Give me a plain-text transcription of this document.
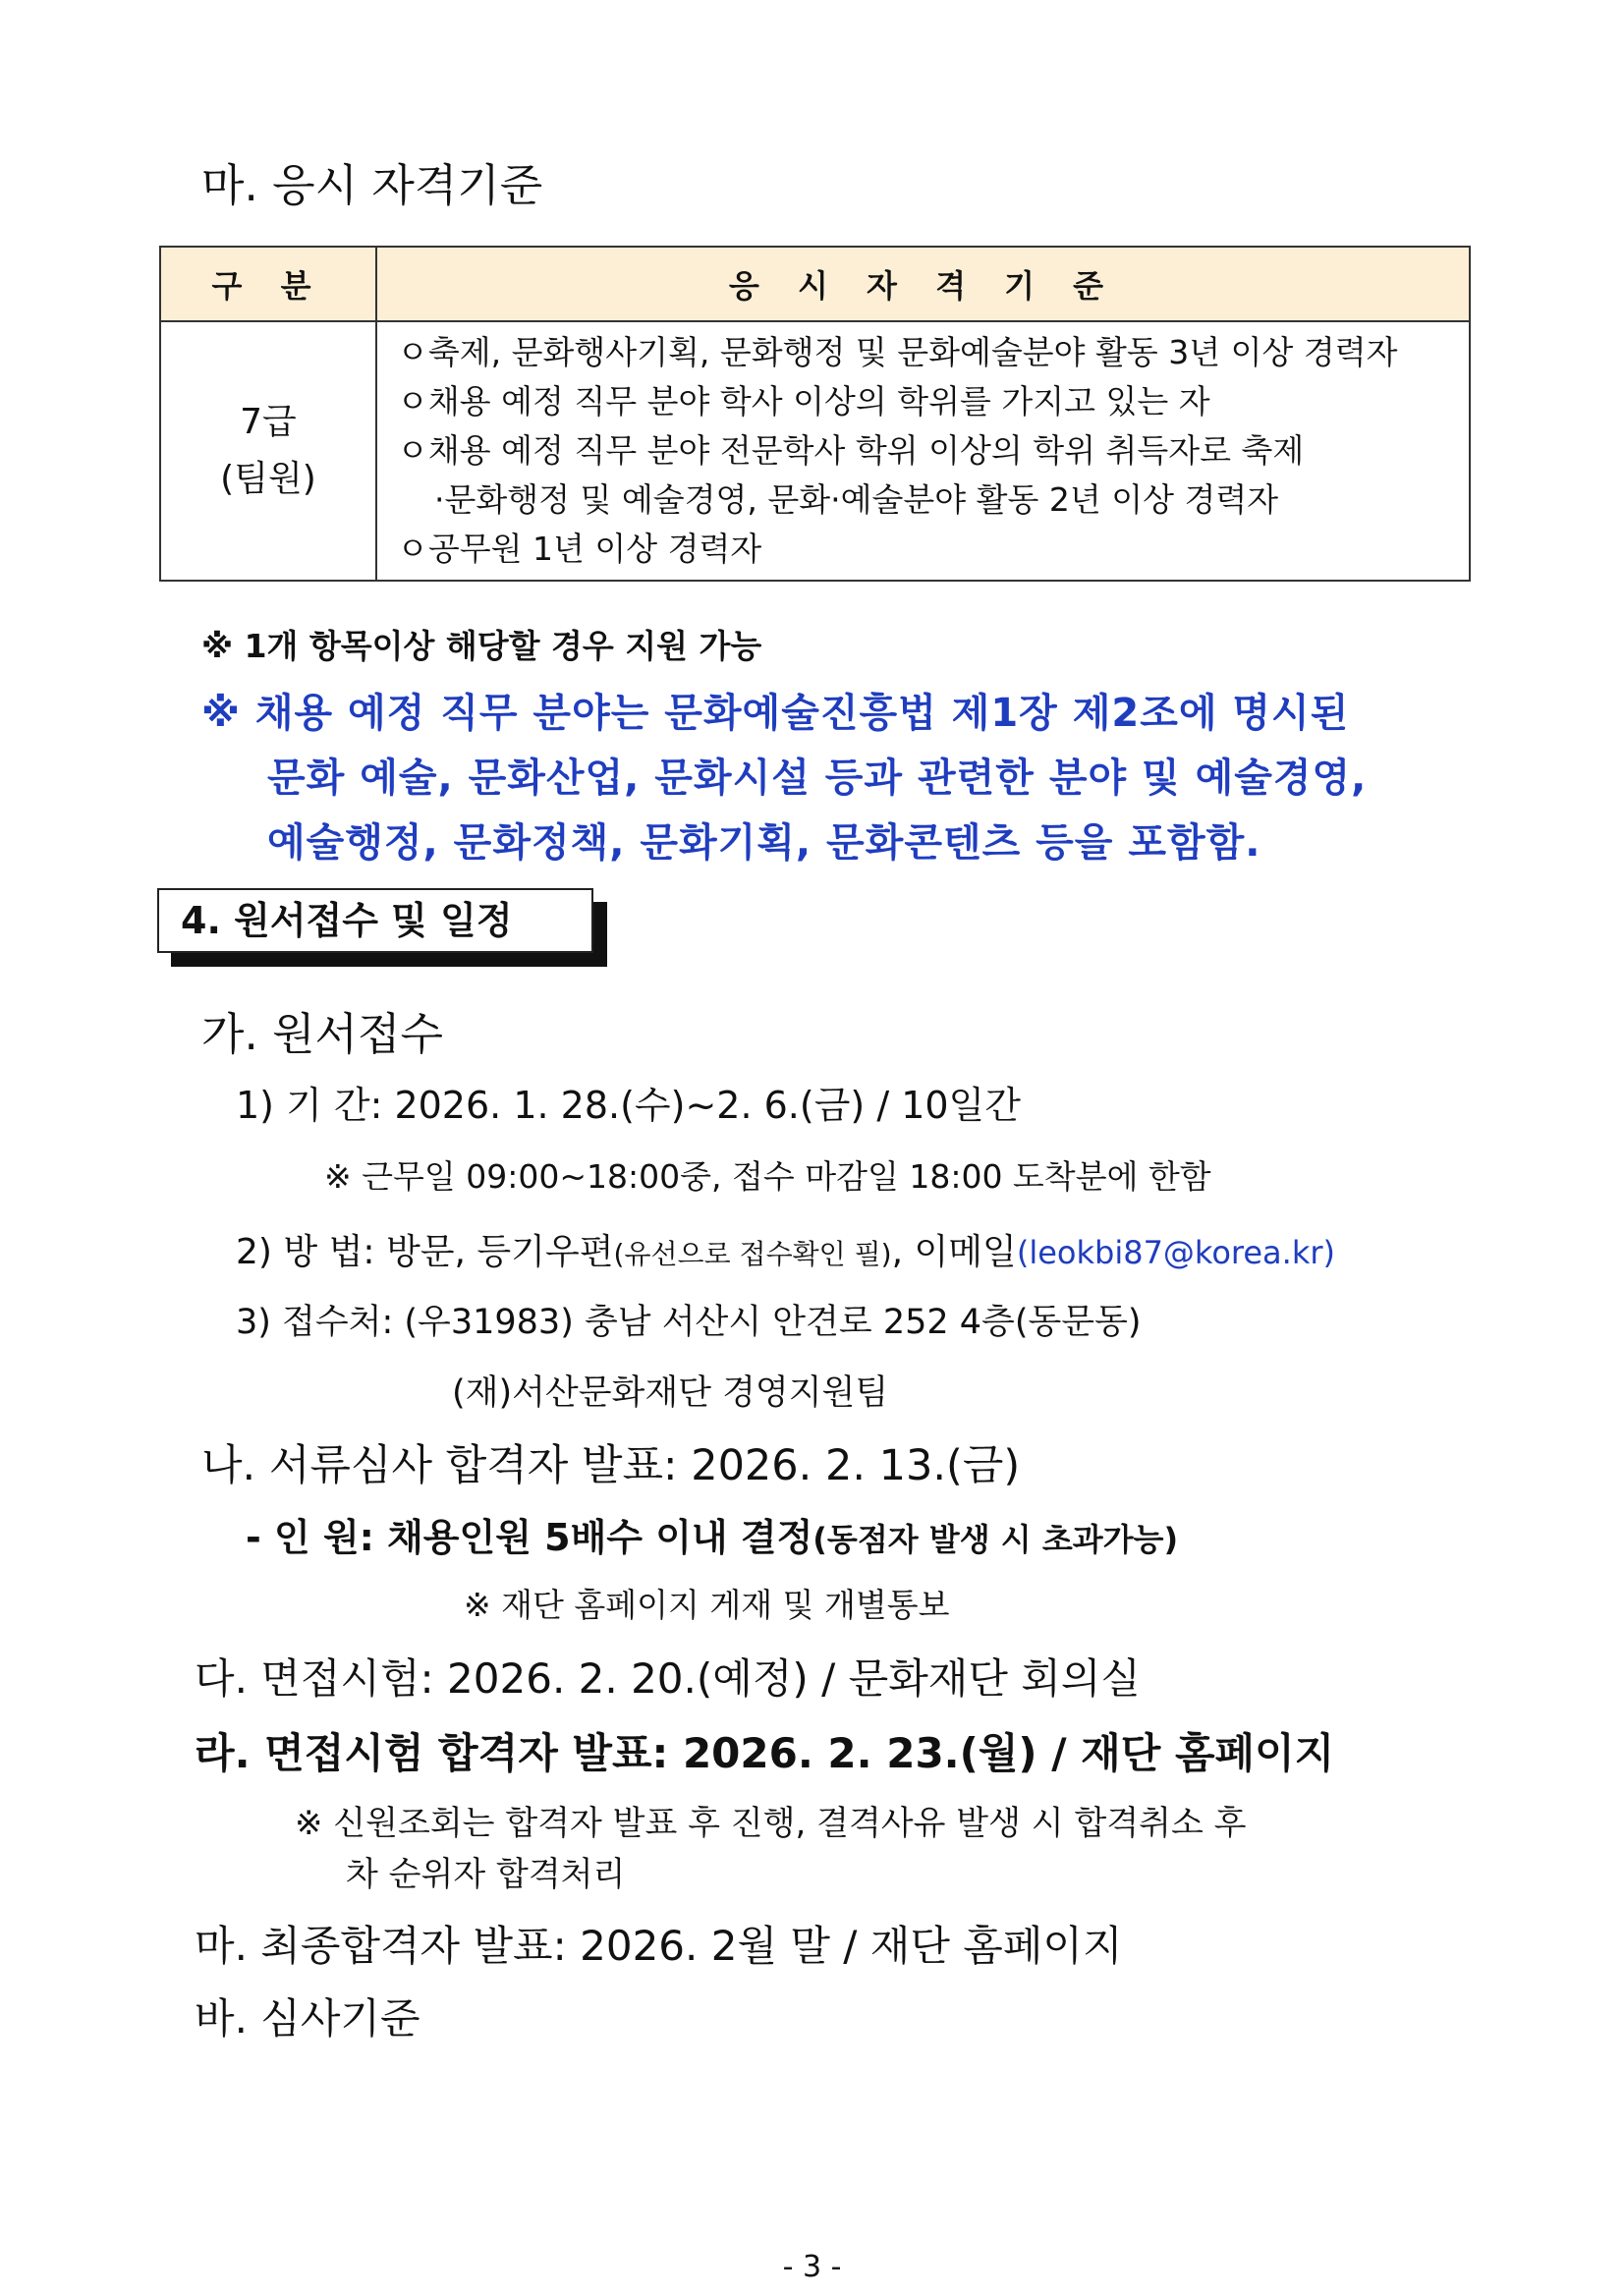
마. 응시 자격기준
구 분	응 시 자 격 기 준

7급
(팀원)	ㅇ축제, 문화행사기획, 문화행정 및 문화예술분야 활동 3년 이상 경력자
ㅇ채용 예정 직무 분야 학사 이상의 학위를 가지고 있는 자
ㅇ채용 예정 직무 분야 전문학사 학위 이상의 학위 취득자로 축제
·문화행정 및 예술경영, 문화·예술분야 활동 2년 이상 경력자
ㅇ공무원 1년 이상 경력자
※ 1개 항목이상 해당할 경우 지원 가능
※ 채용 예정 직무 분야는 문화예술진흥법 제1장 제2조에 명시된
문화 예술, 문화산업, 문화시설 등과 관련한 분야 및 예술경영,
예술행정, 문화정책, 문화기획, 문화콘텐츠 등을 포함함.
4. 원서접수 및 일정
가. 원서접수
1) 기 간: 2026. 1. 28.(수)~2. 6.(금) / 10일간
※ 근무일 09:00~18:00중, 접수 마감일 18:00 도착분에 한함
2) 방 법: 방문, 등기우편(유선으로 접수확인 필), 이메일(leokbi87@korea.kr)
3) 접수처: (우31983) 충남 서산시 안견로 252 4층(동문동)
(재)서산문화재단 경영지원팀
나. 서류심사 합격자 발표: 2026. 2. 13.(금)
- 인 원: 채용인원 5배수 이내 결정(동점자 발생 시 초과가능)
※ 재단 홈페이지 게재 및 개별통보
다. 면접시험: 2026. 2. 20.(예정) / 문화재단 회의실
라. 면접시험 합격자 발표: 2026. 2. 23.(월) / 재단 홈페이지
※ 신원조회는 합격자 발표 후 진행, 결격사유 발생 시 합격취소 후
차 순위자 합격처리
마. 최종합격자 발표: 2026. 2월 말 / 재단 홈페이지
바. 심사기준
- 3 -
